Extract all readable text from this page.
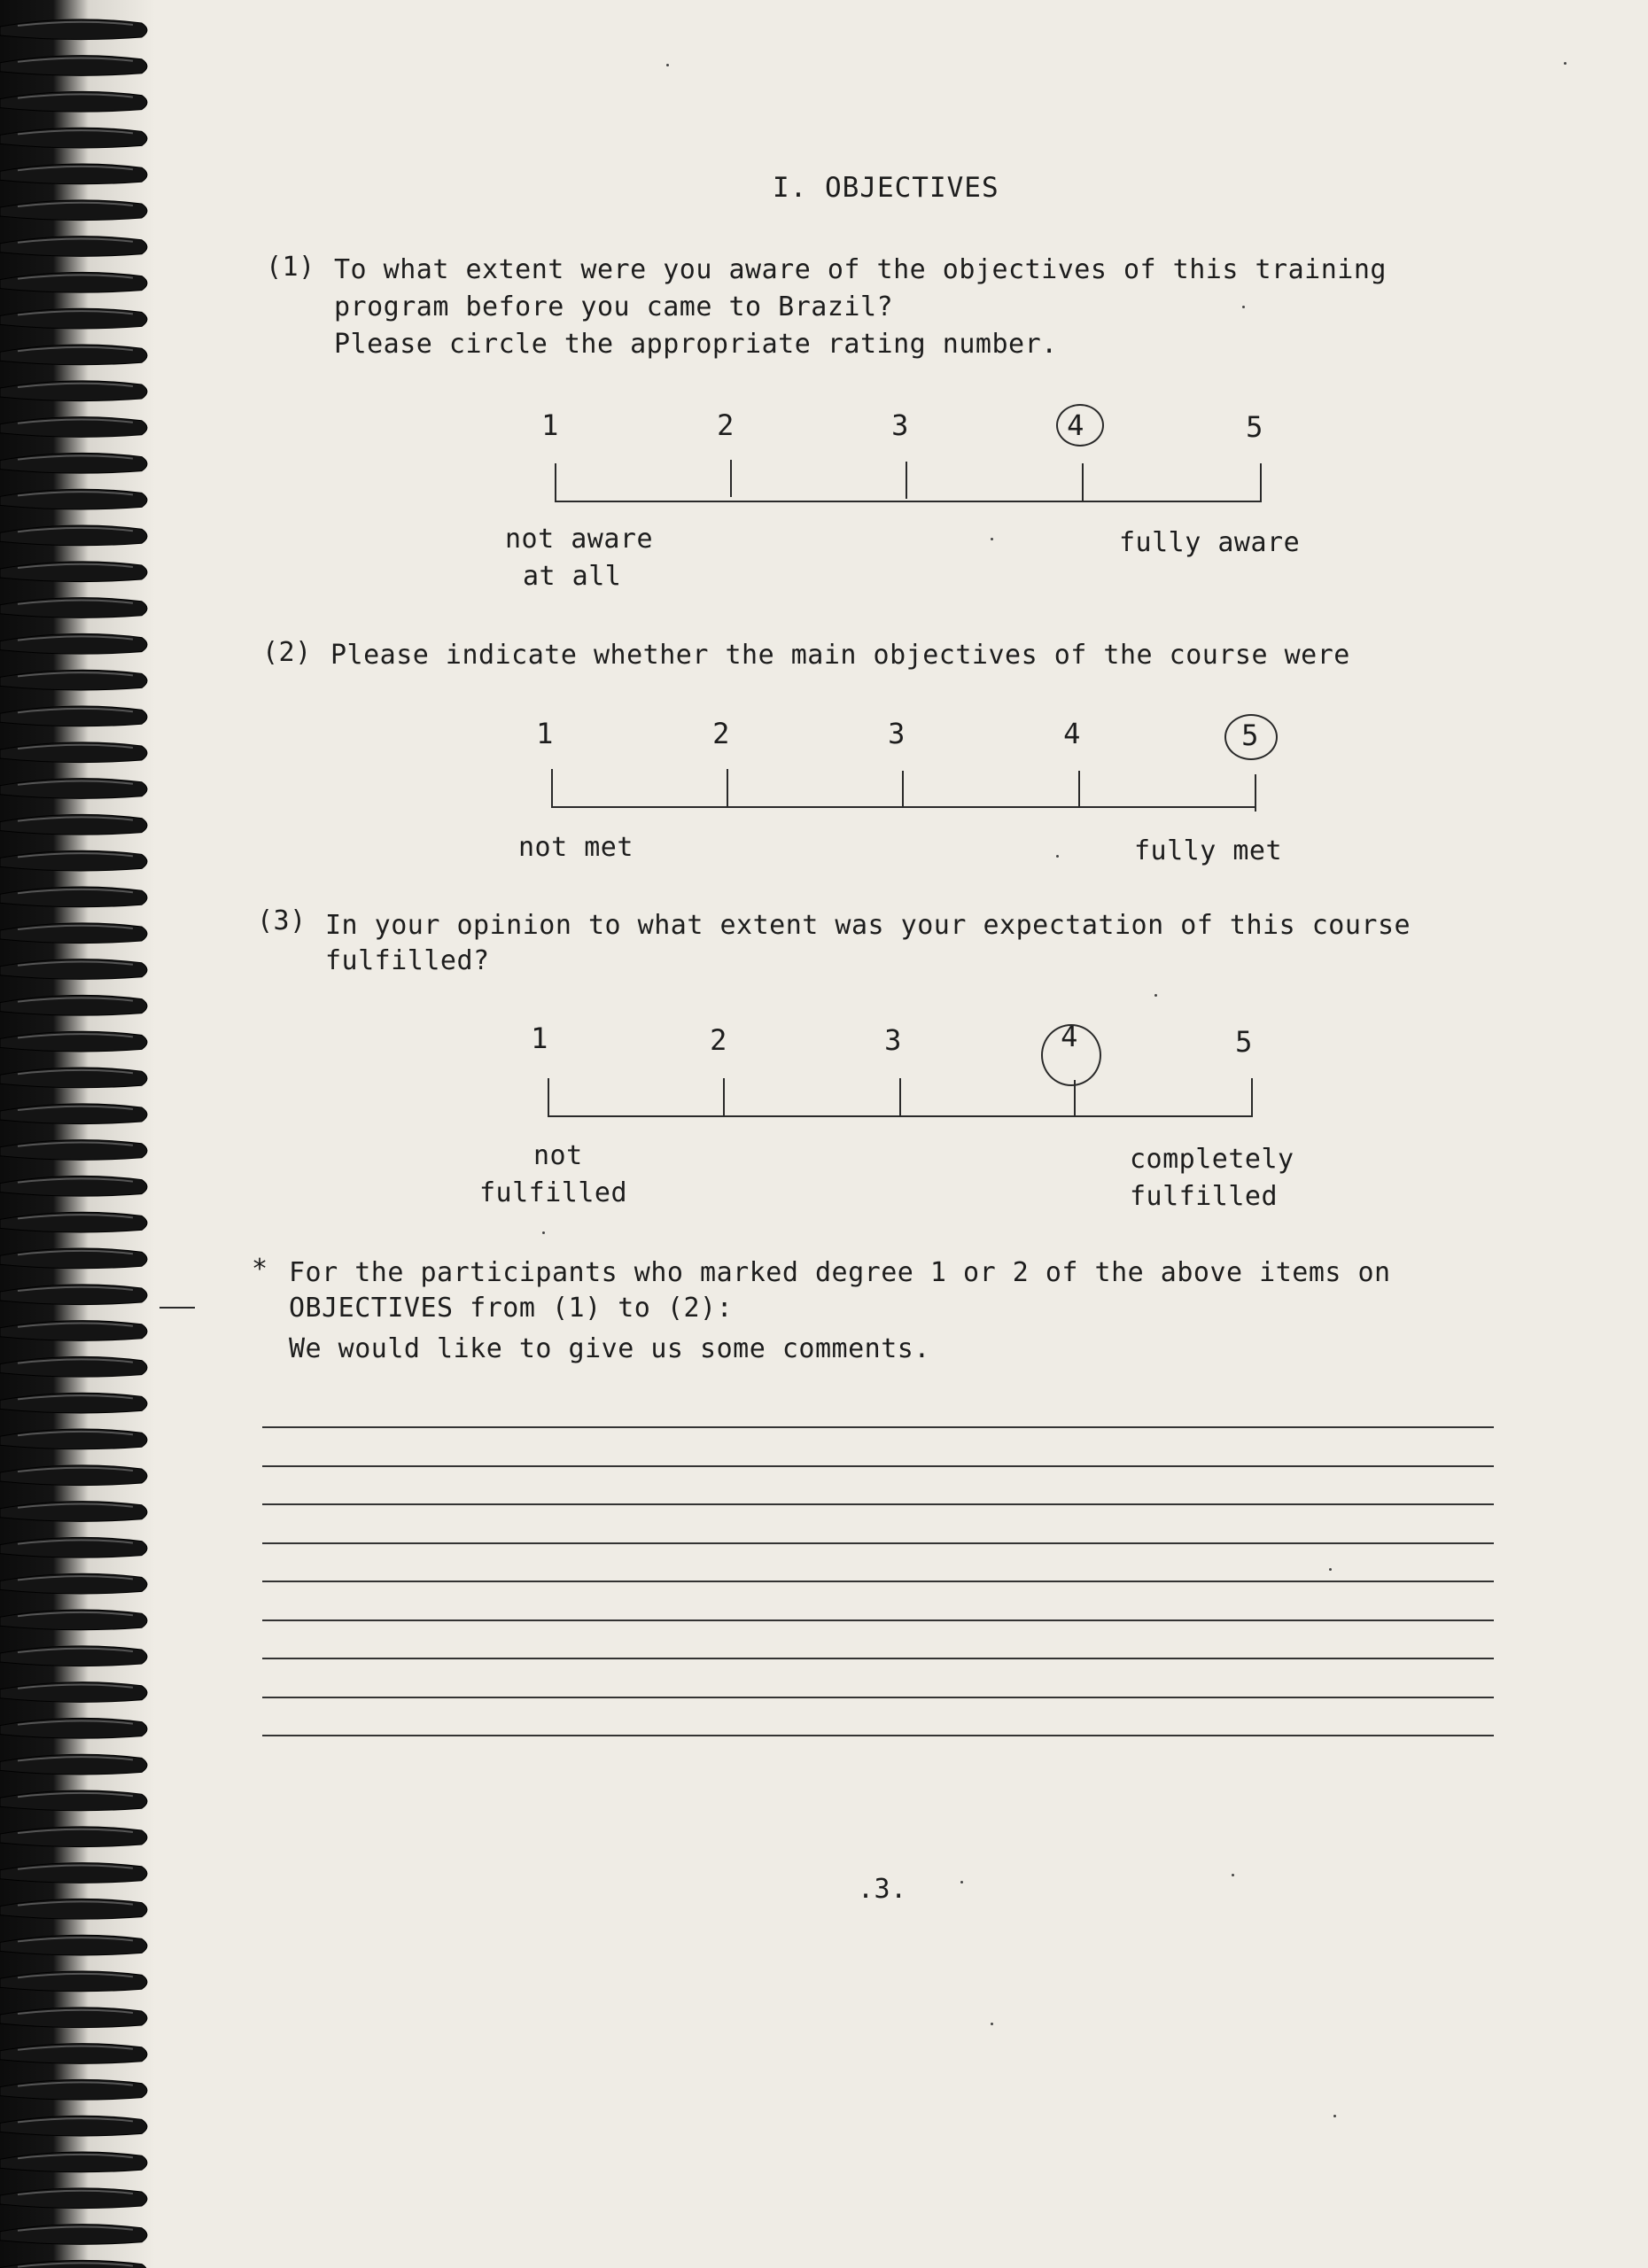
I. OBJECTIVES
(1) To what extent were you aware of the objectives of this training
program before you came to Brazil?
Please circle the appropriate rating number.
1	2	3	4	5
not aware
at all
fully aware
(2) Please indicate whether the main objectives of the course were
1	2	3	4	5
not met	fully met
(3) In your opinion to what extent was your expectation of this course
fulfilled?
1	2	3	4	5
not
fulfilled
completely
fulfilled
* For the participants who marked degree 1 or 2 of the above items on
OBJECTIVES from (1) to (2):
We would like to give us some comments.
.3.
